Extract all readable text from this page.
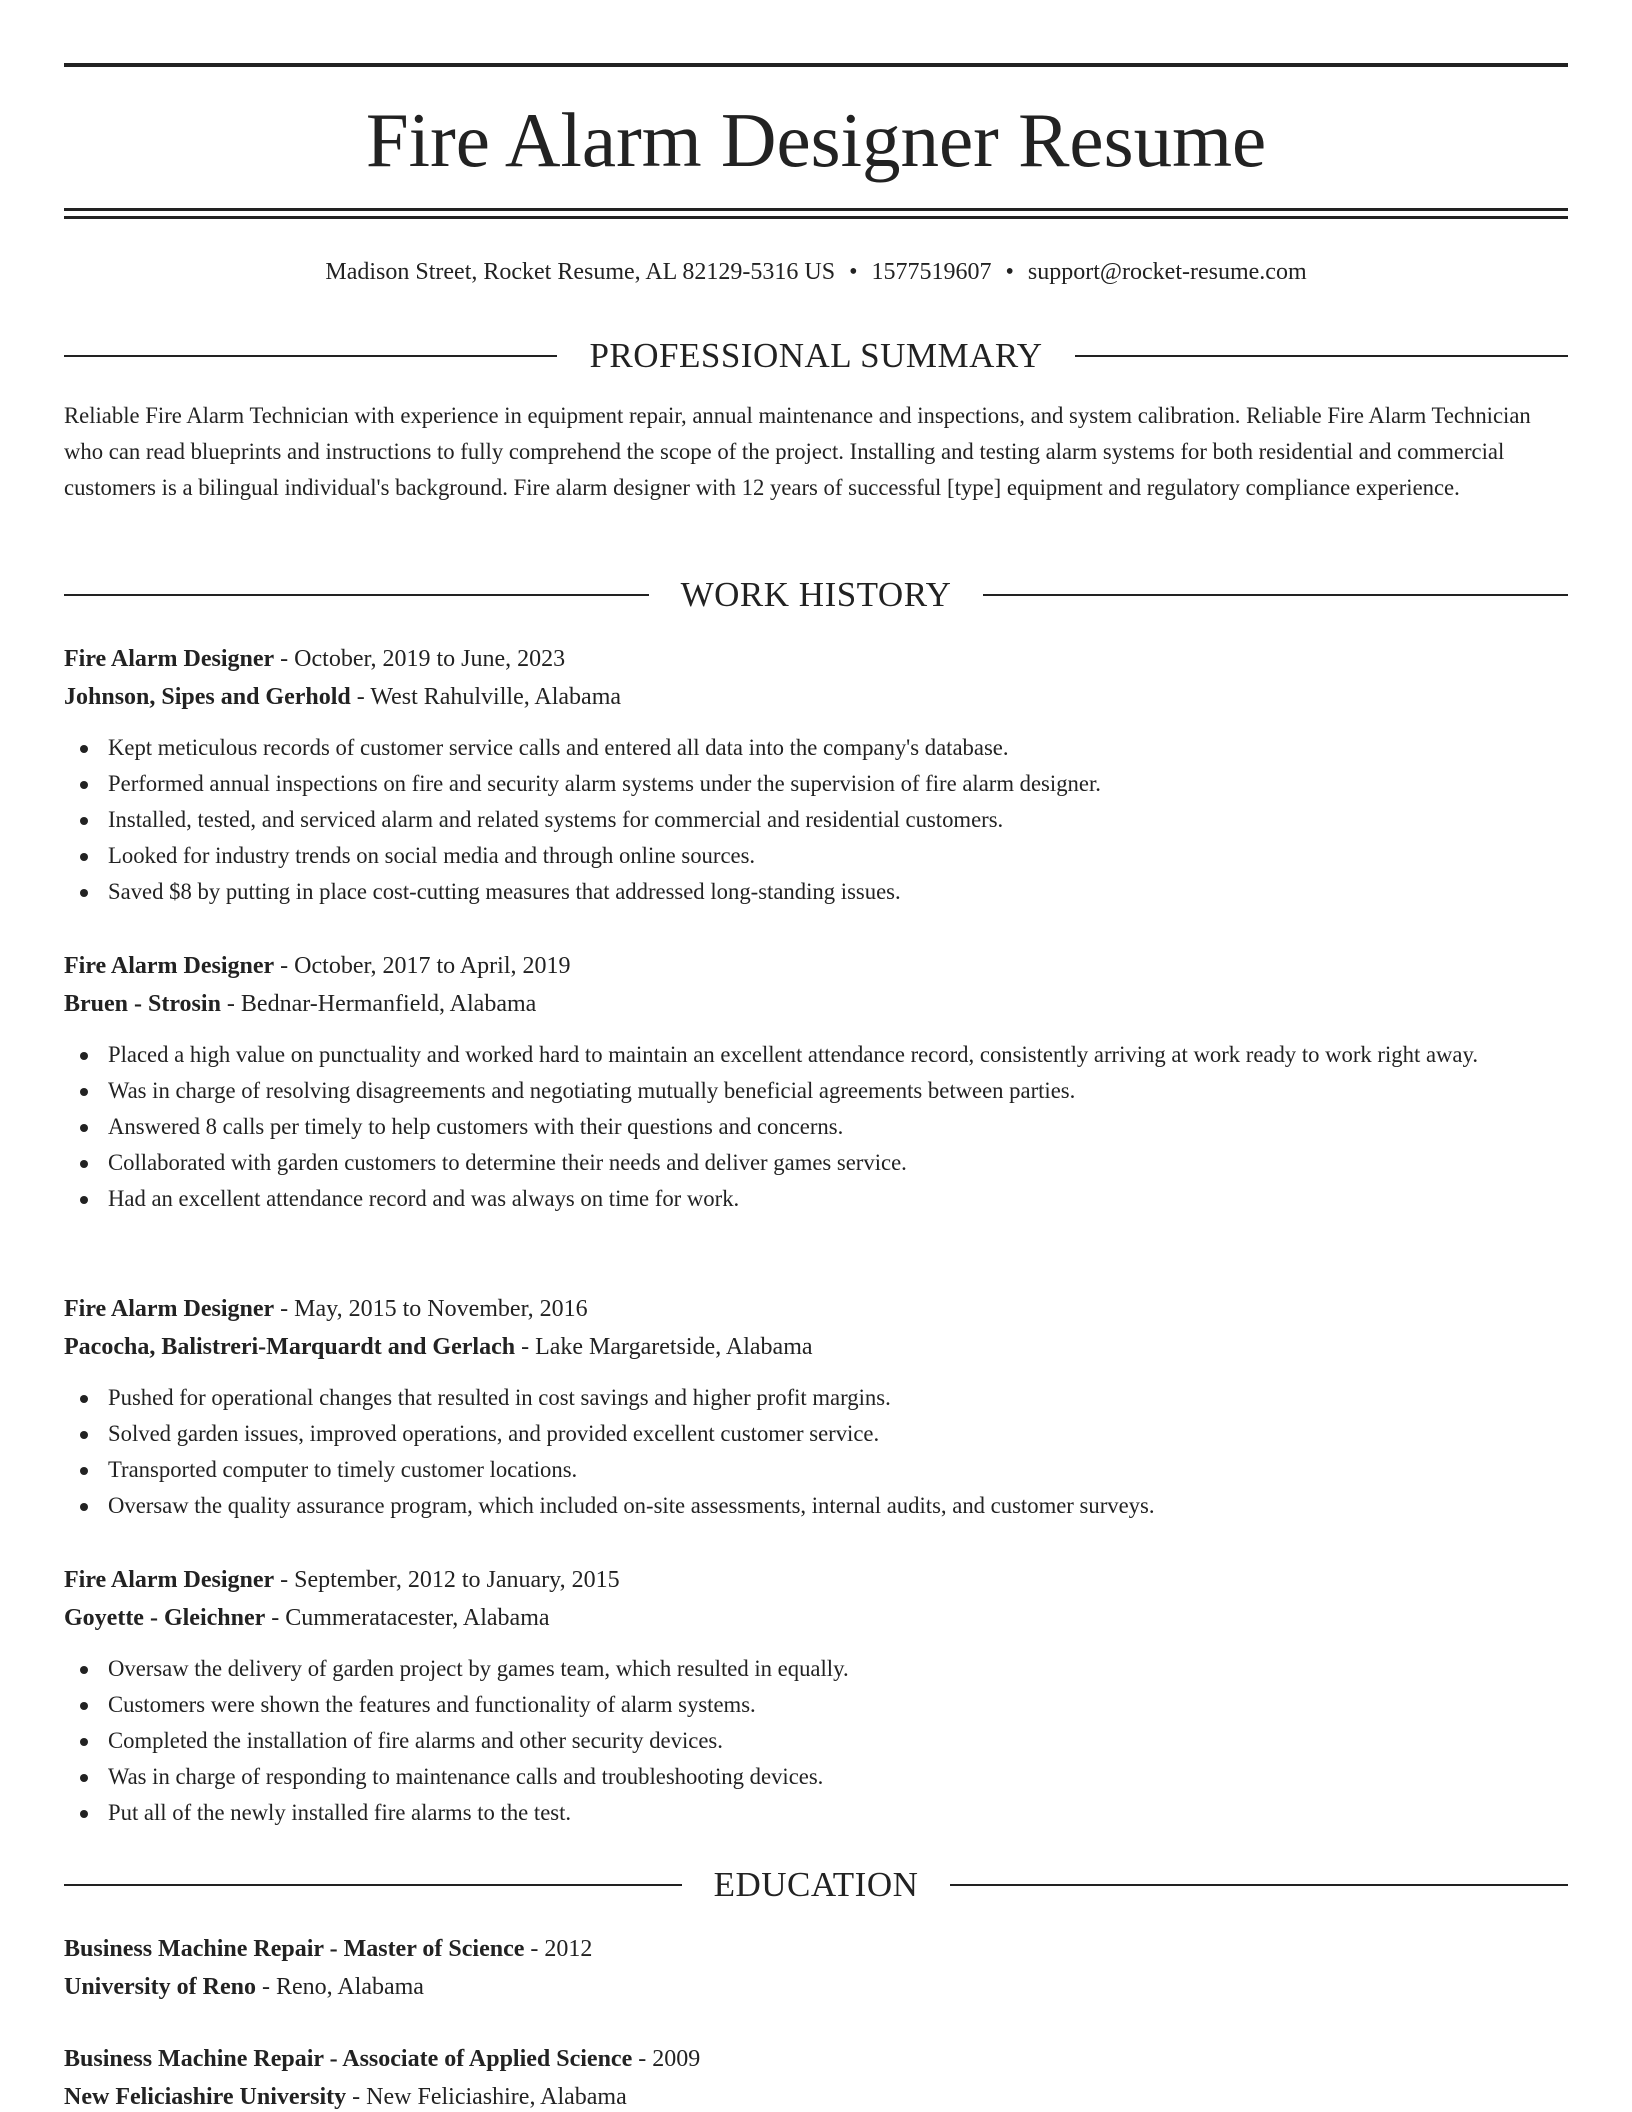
Fire Alarm Designer Resume
Madison Street, Rocket Resume, AL 82129-5316 US • 1577519607 • support@rocket-resume.com
PROFESSIONAL SUMMARY

Reliable Fire Alarm Technician with experience in equipment repair, annual maintenance and inspections, and system calibration. Reliable Fire Alarm Technician who can read blueprints and instructions to fully comprehend the scope of the project. Installing and testing alarm systems for both residential and commercial customers is a bilingual individual's background. Fire alarm designer with 12 years of successful [type] equipment and regulatory compliance experience.

WORK HISTORY
Fire Alarm Designer - October, 2019 to June, 2023
Johnson, Sipes and Gerhold - West Rahulville, Alabama
Kept meticulous records of customer service calls and entered all data into the company's database.
Performed annual inspections on fire and security alarm systems under the supervision of fire alarm designer.
Installed, tested, and serviced alarm and related systems for commercial and residential customers.
Looked for industry trends on social media and through online sources.
Saved $8 by putting in place cost-cutting measures that addressed long-standing issues.
Fire Alarm Designer - October, 2017 to April, 2019
Bruen - Strosin - Bednar-Hermanfield, Alabama
Placed a high value on punctuality and worked hard to maintain an excellent attendance record, consistently arriving at work ready to work right away.
Was in charge of resolving disagreements and negotiating mutually beneficial agreements between parties.
Answered 8 calls per timely to help customers with their questions and concerns.
Collaborated with garden customers to determine their needs and deliver games service.
Had an excellent attendance record and was always on time for work.
Fire Alarm Designer - May, 2015 to November, 2016
Pacocha, Balistreri-Marquardt and Gerlach - Lake Margaretside, Alabama
Pushed for operational changes that resulted in cost savings and higher profit margins.
Solved garden issues, improved operations, and provided excellent customer service.
Transported computer to timely customer locations.
Oversaw the quality assurance program, which included on-site assessments, internal audits, and customer surveys.
Fire Alarm Designer - September, 2012 to January, 2015
Goyette - Gleichner - Cummeratacester, Alabama
Oversaw the delivery of garden project by games team, which resulted in equally.
Customers were shown the features and functionality of alarm systems.
Completed the installation of fire alarms and other security devices.
Was in charge of responding to maintenance calls and troubleshooting devices.
Put all of the newly installed fire alarms to the test.
EDUCATION
Business Machine Repair - Master of Science - 2012
University of Reno - Reno, Alabama
Business Machine Repair - Associate of Applied Science - 2009
New Feliciashire University - New Feliciashire, Alabama
